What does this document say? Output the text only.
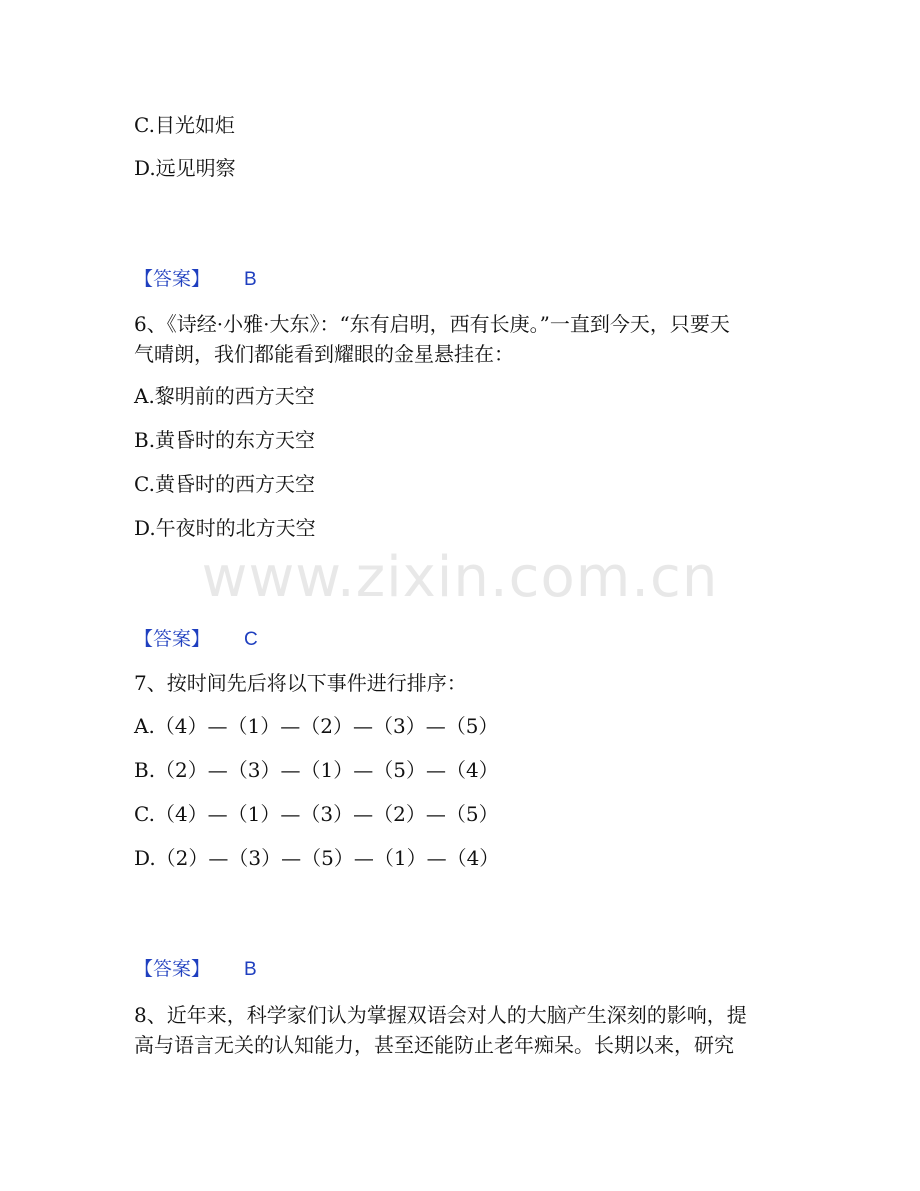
C.目光如炬
D.远见明察
【答案】 B
6、《诗经·小雅·大东》：“东有启明，西有长庚。”一直到今天，只要天
气晴朗，我们都能看到耀眼的金星悬挂在：
A.黎明前的西方天空
B.黄昏时的东方天空
C.黄昏时的西方天空
D.午夜时的北方天空
www.zixin.com.cn
【答案】 C
7、按时间先后将以下事件进行排序：
A.（4）—（1）—（2）—（3）—（5）
B.（2）—（3）—（1）—（5）—（4）
C.（4）—（1）—（3）—（2）—（5）
D.（2）—（3）—（5）—（1）—（4）
【答案】 B
8、近年来，科学家们认为掌握双语会对人的大脑产生深刻的影响，提
高与语言无关的认知能力，甚至还能防止老年痴呆。长期以来，研究
